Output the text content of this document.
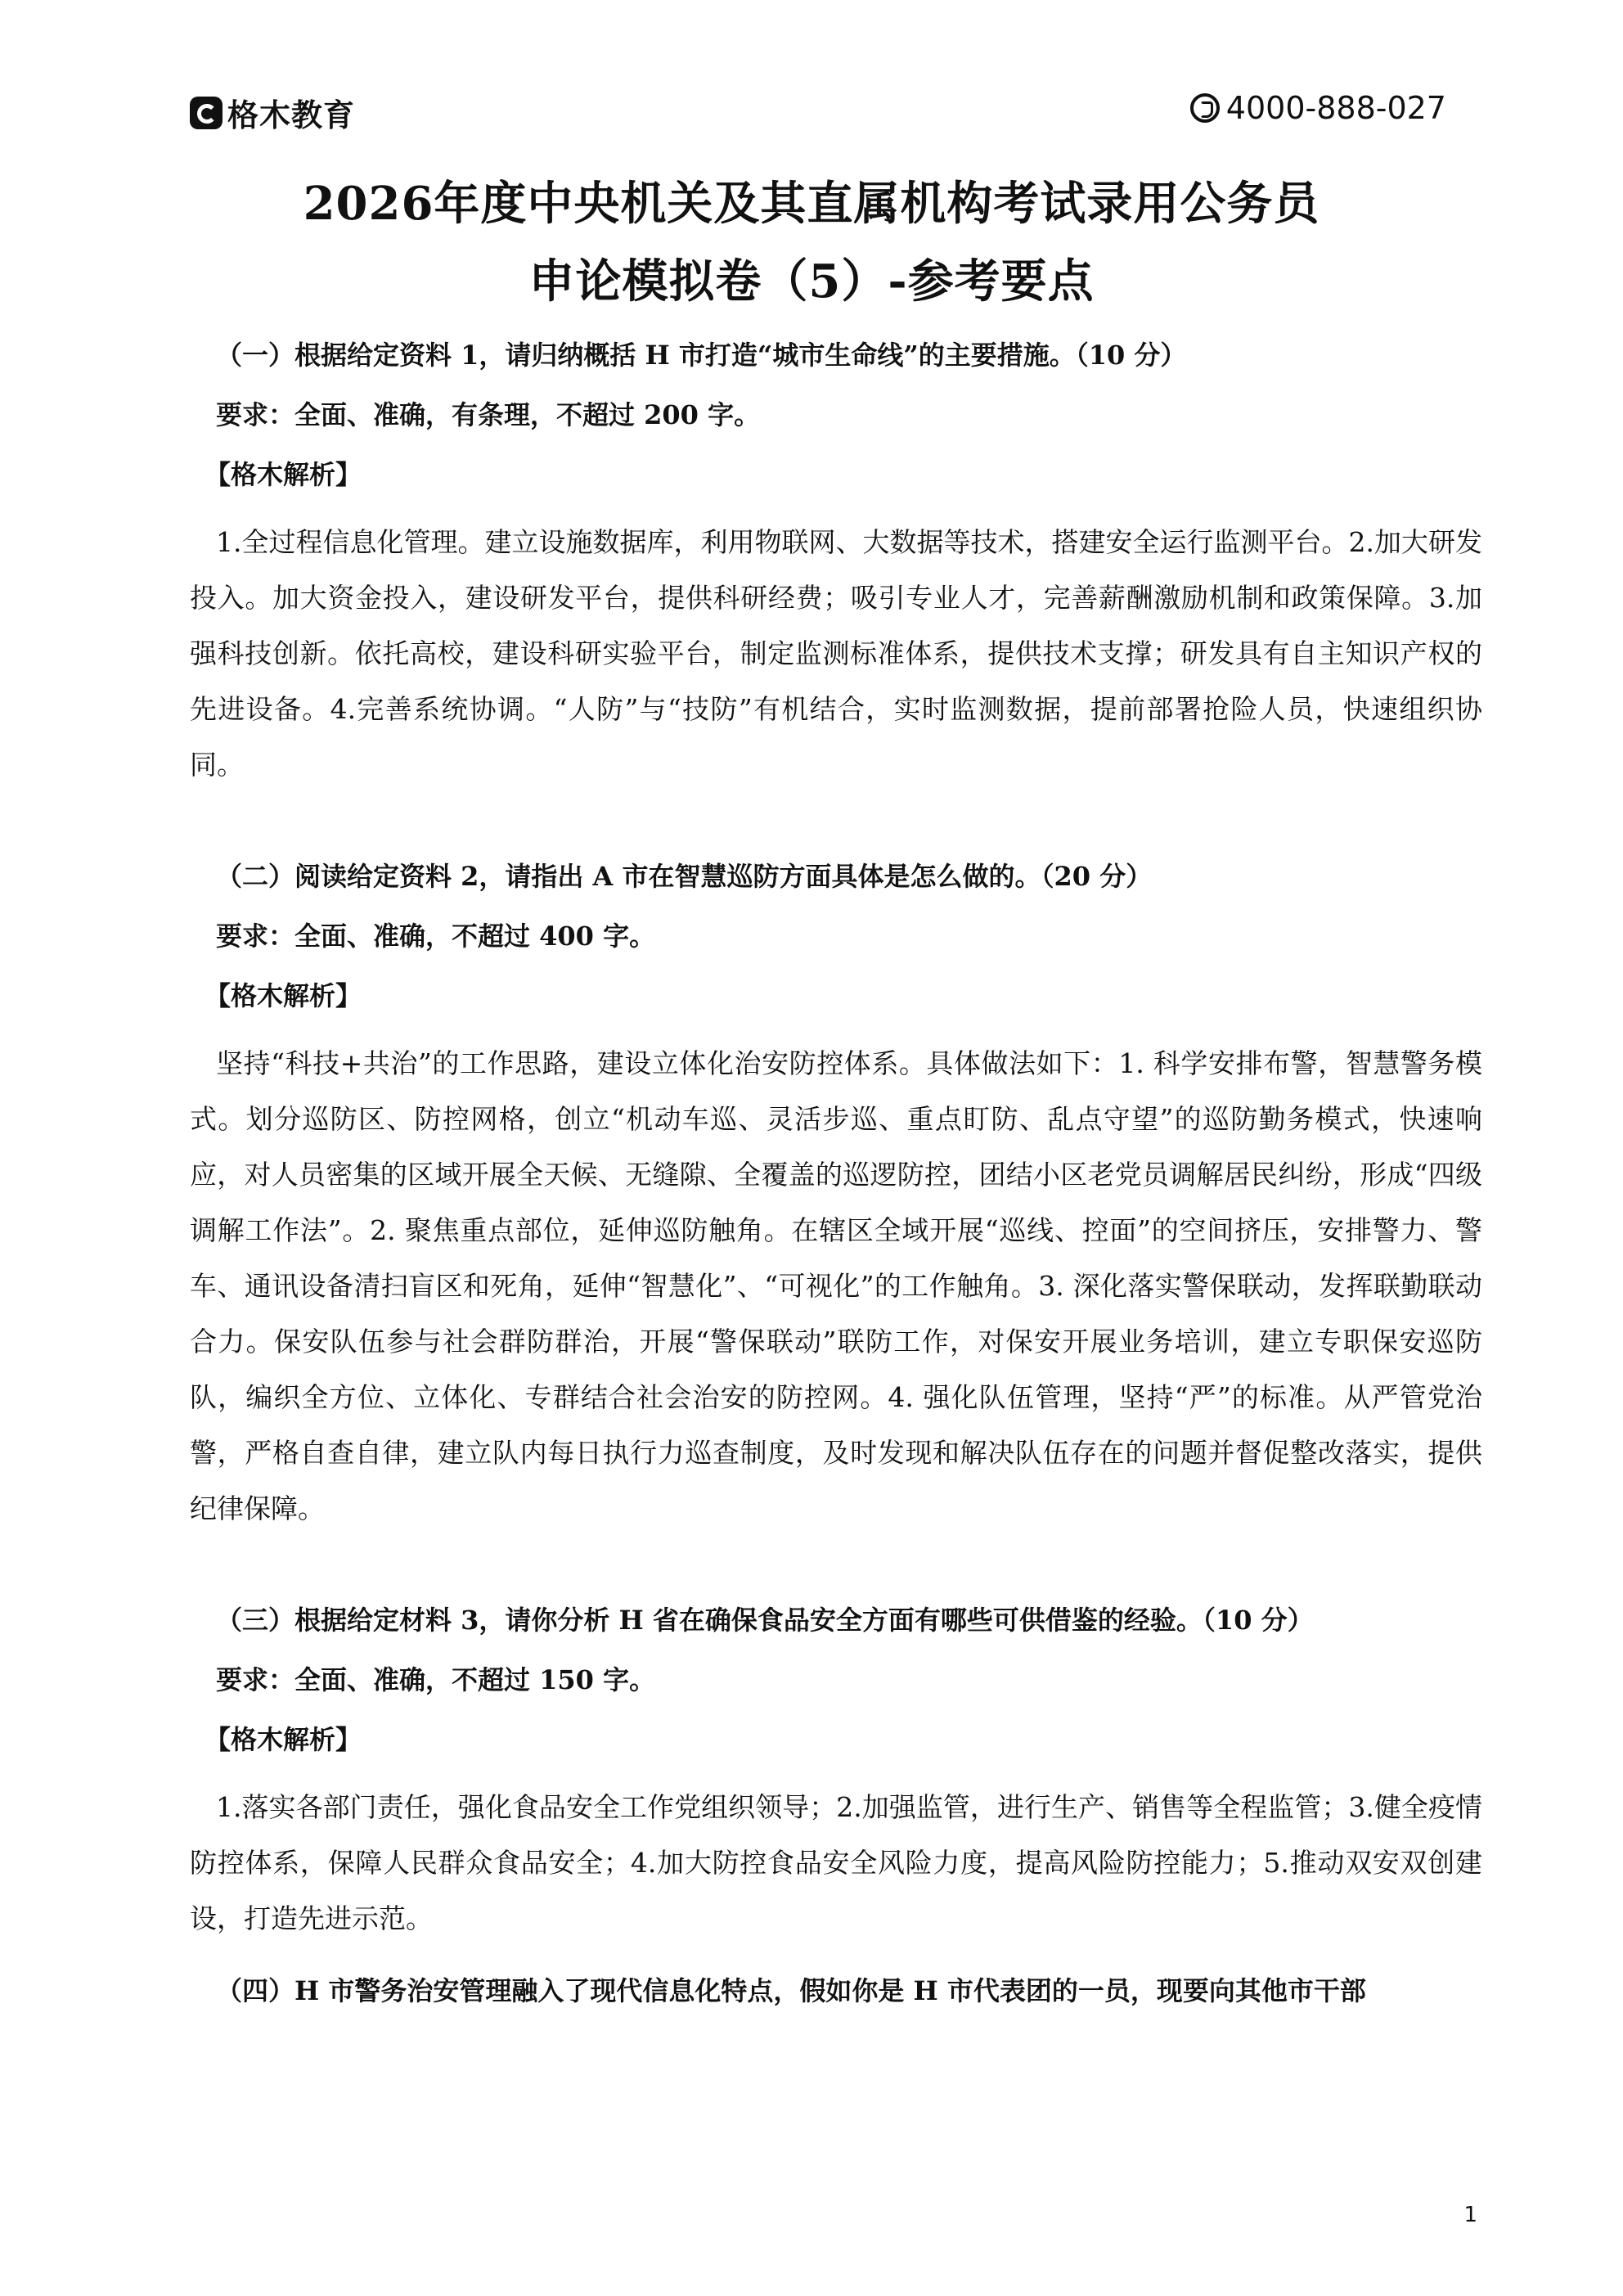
格木教育	4000-888-027
2026年度中央机关及其直属机构考试录用公务员
申论模拟卷（5）-参考要点

（一）根据给定资料 1，请归纳概括 H 市打造“城市生命线”的主要措施。（10 分）

要求：全面、准确，有条理，不超过 200 字。

【格木解析】

1.全过程信息化管理。建立设施数据库，利用物联网、大数据等技术，搭建安全运行监测平台。2.加大研发投入。加大资金投入，建设研发平台，提供科研经费；吸引专业人才，完善薪酬激励机制和政策保障。3.加强科技创新。依托高校，建设科研实验平台，制定监测标准体系，提供技术支撑；研发具有自主知识产权的先进设备。4.完善系统协调。“人防”与“技防”有机结合，实时监测数据，提前部署抢险人员，快速组织协同。

（二）阅读给定资料 2，请指出 A 市在智慧巡防方面具体是怎么做的。（20 分）

要求：全面、准确，不超过 400 字。

【格木解析】

坚持“科技+共治”的工作思路，建设立体化治安防控体系。具体做法如下：1. 科学安排布警，智慧警务模式。划分巡防区、防控网格，创立“机动车巡、灵活步巡、重点盯防、乱点守望”的巡防勤务模式，快速响应，对人员密集的区域开展全天候、无缝隙、全覆盖的巡逻防控，团结小区老党员调解居民纠纷，形成“四级调解工作法”。2. 聚焦重点部位，延伸巡防触角。在辖区全域开展“巡线、控面”的空间挤压，安排警力、警车、通讯设备清扫盲区和死角，延伸“智慧化”、“可视化”的工作触角。3. 深化落实警保联动，发挥联勤联动合力。保安队伍参与社会群防群治，开展“警保联动”联防工作，对保安开展业务培训，建立专职保安巡防队，编织全方位、立体化、专群结合社会治安的防控网。4. 强化队伍管理，坚持“严”的标准。从严管党治警，严格自查自律，建立队内每日执行力巡查制度，及时发现和解决队伍存在的问题并督促整改落实，提供纪律保障。

（三）根据给定材料 3，请你分析 H 省在确保食品安全方面有哪些可供借鉴的经验。（10 分）

要求：全面、准确，不超过 150 字。

【格木解析】

1.落实各部门责任，强化食品安全工作党组织领导；2.加强监管，进行生产、销售等全程监管；3.健全疫情防控体系，保障人民群众食品安全；4.加大防控食品安全风险力度，提高风险防控能力；5.推动双安双创建设，打造先进示范。

（四）H 市警务治安管理融入了现代信息化特点，假如你是 H 市代表团的一员，现要向其他市干部

1
